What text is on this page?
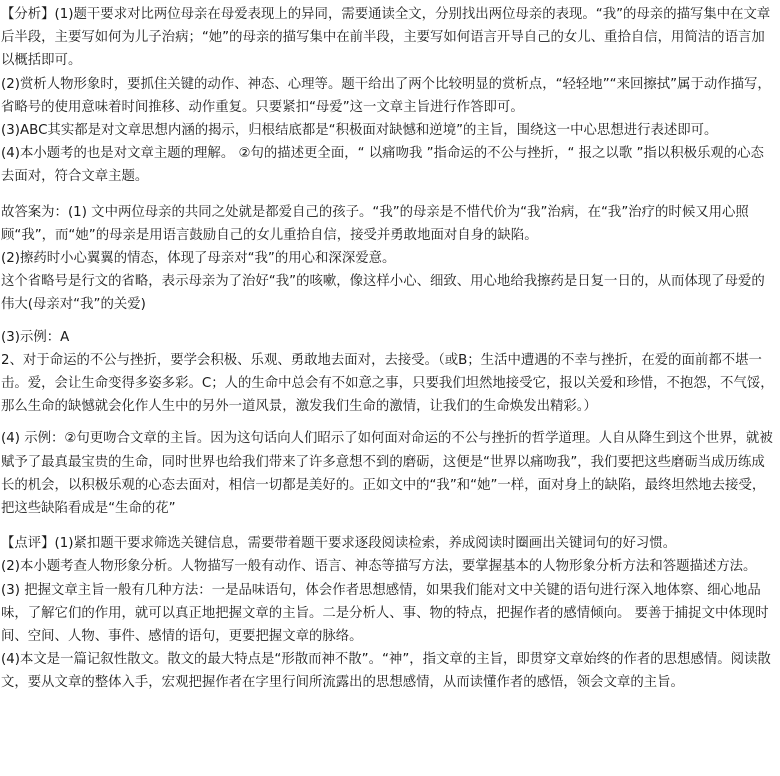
【分析】(1)题干要求对比两位母亲在母爱表现上的异同，需要通读全文，分别找出两位母亲的表现。“我”的母亲的描写集中在文章后半段，主要写如何为儿子治病；“她”的母亲的描写集中在前半段，主要写如何语言开导自己的女儿、重拾自信，用简洁的语言加以概括即可。

(2)赏析人物形象时，要抓住关键的动作、神态、心理等。题干给出了两个比较明显的赏析点，“轻轻地”“来回擦拭”属于动作描写，省略号的使用意味着时间推移、动作重复。只要紧扣“母爱”这一文章主旨进行作答即可。

(3)ABC其实都是对文章思想内涵的揭示，归根结底都是“积极面对缺憾和逆境”的主旨，围绕这一中心思想进行表述即可。

(4)本小题考的也是对文章主题的理解。 ②句的描述更全面，“ 以痛吻我 ”指命运的不公与挫折，“ 报之以歌 ”指以积极乐观的心态去面对，符合文章主题。

故答案为：(1) 文中两位母亲的共同之处就是都爱自己的孩子。“我”的母亲是不惜代价为“我”治病，在“我”治疗的时候又用心照顾“我”，而“她”的母亲是用语言鼓励自己的女儿重拾自信，接受并勇敢地面对自身的缺陷。

(2)擦药时小心翼翼的情态，体现了母亲对“我”的用心和深深爱意。

这个省略号是行文的省略，表示母亲为了治好“我”的咳嗽，像这样小心、细致、用心地给我擦药是日复一日的，从而体现了母爱的伟大(母亲对“我”的关爱)

(3)示例：A

2、对于命运的不公与挫折，要学会积极、乐观、勇敢地去面对，去接受。（或B；生活中遭遇的不幸与挫折，在爱的面前都不堪一击。爱，会让生命变得多姿多彩。C；人的生命中总会有不如意之事，只要我们坦然地接受它，报以关爱和珍惜，不抱怨，不气馁，那么生命的缺憾就会化作人生中的另外一道风景，激发我们生命的激情，让我们的生命焕发出精彩。）

(4) 示例：②句更吻合文章的主旨。因为这句话向人们昭示了如何面对命运的不公与挫折的哲学道理。人自从降生到这个世界，就被赋予了最真最宝贵的生命，同时世界也给我们带来了许多意想不到的磨砺，这便是“世界以痛吻我”，我们要把这些磨砺当成历练成长的机会，以积极乐观的心态去面对，相信一切都是美好的。正如文中的“我”和“她”一样，面对身上的缺陷，最终坦然地去接受，把这些缺陷看成是“生命的花”

【点评】(1)紧扣题干要求筛选关键信息，需要带着题干要求逐段阅读检索，养成阅读时圈画出关键词句的好习惯。

(2)本小题考查人物形象分析。人物描写一般有动作、语言、神态等描写方法，要掌握基本的人物形象分析方法和答题描述方法。

(3) 把握文章主旨一般有几种方法：一是品味语句，体会作者思想感情，如果我们能对文中关键的语句进行深入地体察、细心地品味，了解它们的作用，就可以真正地把握文章的主旨。二是分析人、事、物的特点，把握作者的感情倾向。 要善于捕捉文中体现时间、空间、人物、事件、感情的语句，更要把握文章的脉络。

(4)本文是一篇记叙性散文。散文的最大特点是“形散而神不散”。“神”，指文章的主旨，即贯穿文章始终的作者的思想感情。阅读散文，要从文章的整体入手，宏观把握作者在字里行间所流露出的思想感情，从而读懂作者的感悟，领会文章的主旨。
